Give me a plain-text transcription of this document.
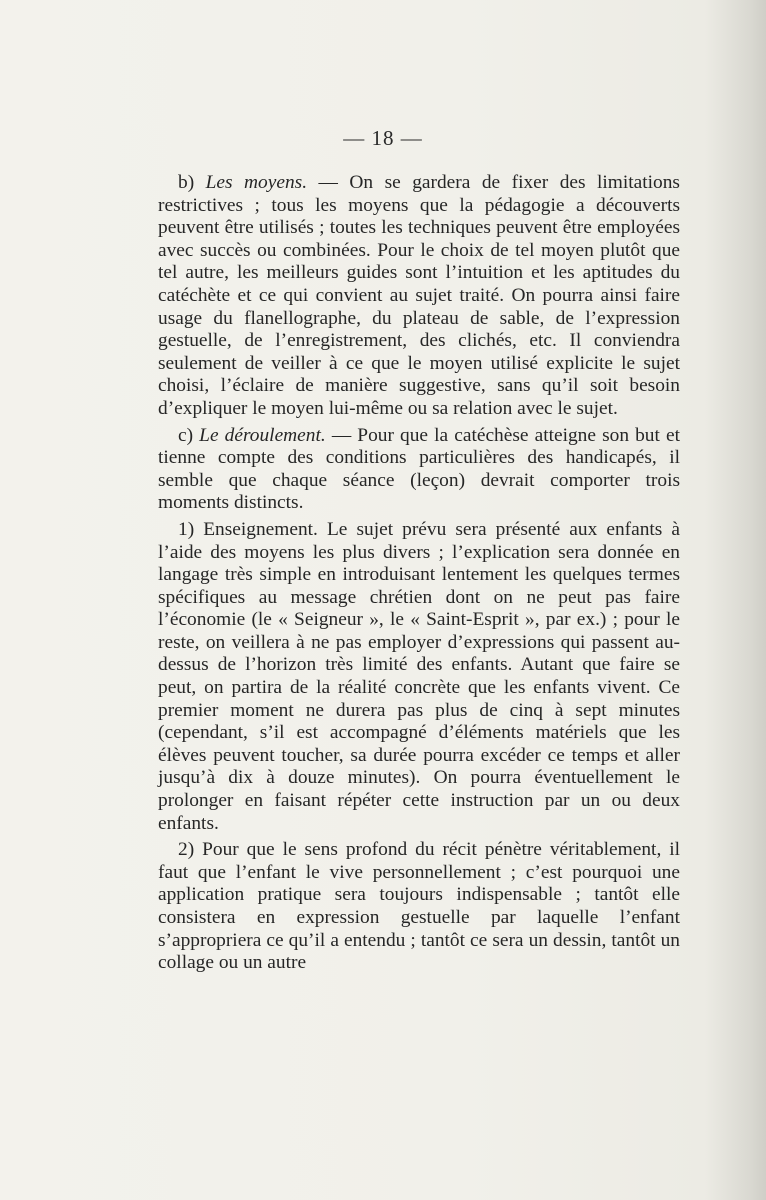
— 18 —

b) Les moyens. — On se gardera de fixer des limitations restrictives ; tous les moyens que la pédagogie a découverts peuvent être utilisés ; toutes les techniques peuvent être employées avec succès ou combinées. Pour le choix de tel moyen plutôt que tel autre, les meilleurs guides sont l’intuition et les aptitudes du catéchète et ce qui convient au sujet traité. On pourra ainsi faire usage du flanellographe, du plateau de sable, de l’expression gestuelle, de l’enregistrement, des clichés, etc. Il conviendra seulement de veiller à ce que le moyen utilisé explicite le sujet choisi, l’éclaire de manière suggestive, sans qu’il soit besoin d’expliquer le moyen lui-même ou sa relation avec le sujet.

c) Le déroulement. — Pour que la catéchèse atteigne son but et tienne compte des conditions particulières des handicapés, il semble que chaque séance (leçon) devrait comporter trois moments distincts.

1) Enseignement. Le sujet prévu sera présenté aux enfants à l’aide des moyens les plus divers ; l’explication sera donnée en langage très simple en introduisant lentement les quelques termes spécifiques au message chrétien dont on ne peut pas faire l’économie (le « Seigneur », le « Saint-Esprit », par ex.) ; pour le reste, on veillera à ne pas employer d’expressions qui passent au-dessus de l’horizon très limité des enfants. Autant que faire se peut, on partira de la réalité concrète que les enfants vivent. Ce premier moment ne durera pas plus de cinq à sept minutes (cependant, s’il est accompagné d’éléments matériels que les élèves peuvent toucher, sa durée pourra excéder ce temps et aller jusqu’à dix à douze minutes). On pourra éventuellement le prolonger en faisant répéter cette instruction par un ou deux enfants.

2) Pour que le sens profond du récit pénètre véritablement, il faut que l’enfant le vive personnellement ; c’est pourquoi une application pratique sera toujours indispensable ; tantôt elle consistera en expression gestuelle par laquelle l’enfant s’appropriera ce qu’il a entendu ; tantôt ce sera un dessin, tantôt un collage ou un autre
